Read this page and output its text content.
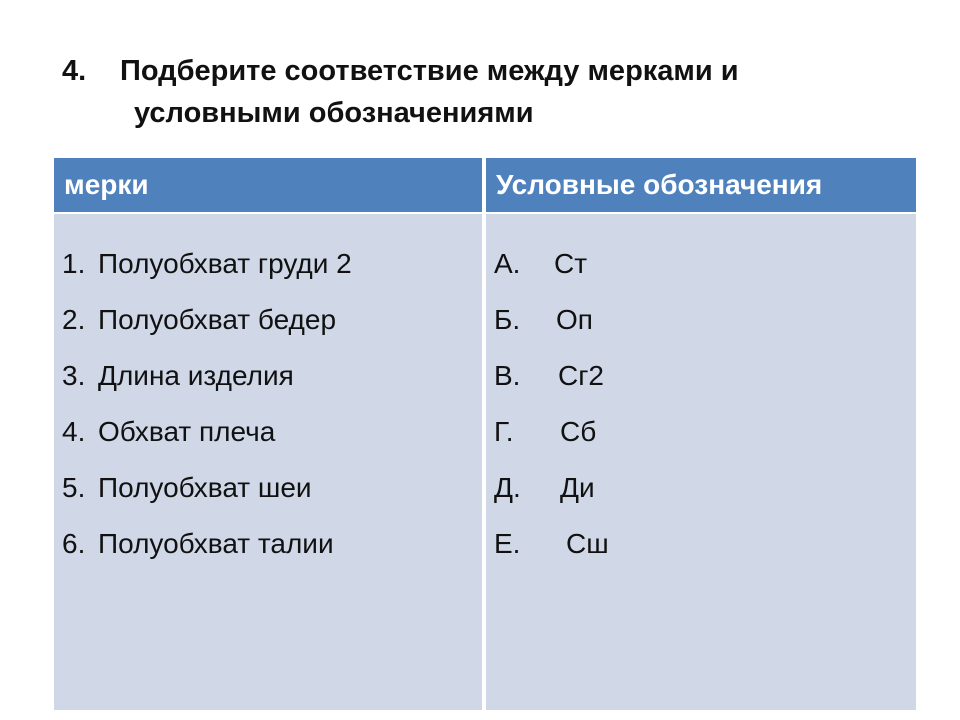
4. Подберите соответствие между мерками и
условными обозначениями
мерки	Условные обозначения
1. Полуобхват груди 2
2. Полуобхват бедер
3. Длина изделия
4. Обхват плеча
5. Полуобхват шеи
6. Полуобхват талии
А. Ст
Б. Оп
В. Сг2
Г. Сб
Д. Ди
Е. Сш
